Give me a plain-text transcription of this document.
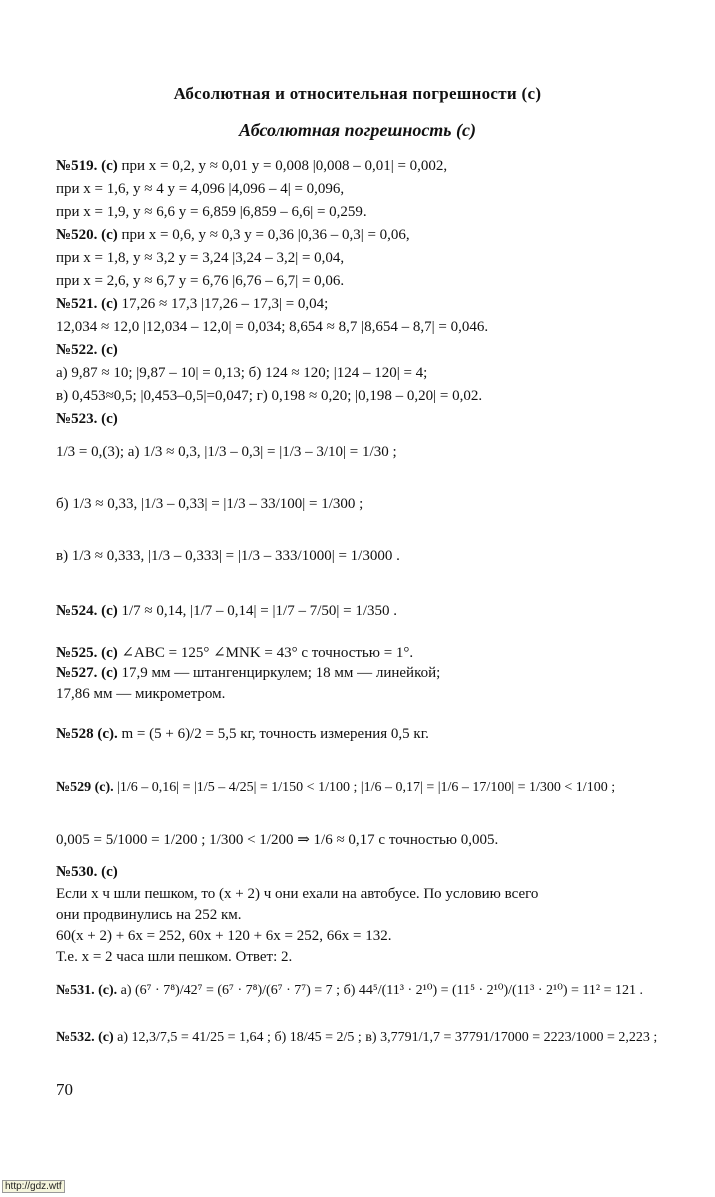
Абсолютная и относительная погрешности (с)
Абсолютная погрешность (с)
№519. (с) при x = 0,2, y ≈ 0,01 y = 0,008 |0,008 – 0,01| = 0,002,
при x = 1,6, y ≈ 4 y = 4,096 |4,096 – 4| = 0,096,
при x = 1,9, y ≈ 6,6 y = 6,859 |6,859 – 6,6| = 0,259.
№520. (с) при x = 0,6, y ≈ 0,3 y = 0,36 |0,36 – 0,3| = 0,06,
при x = 1,8, y ≈ 3,2 y = 3,24 |3,24 – 3,2| = 0,04,
при x = 2,6, y ≈ 6,7 y = 6,76 |6,76 – 6,7| = 0,06.
№521. (с) 17,26 ≈ 17,3 |17,26 – 17,3| = 0,04;
12,034 ≈ 12,0 |12,034 – 12,0| = 0,034; 8,654 ≈ 8,7 |8,654 – 8,7| = 0,046.
№522. (с)
а) 9,87 ≈ 10; |9,87 – 10| = 0,13; б) 124 ≈ 120; |124 – 120| = 4;
в) 0,453≈0,5; |0,453–0,5|=0,047; г) 0,198 ≈ 0,20; |0,198 – 0,20| = 0,02.
№523. (с)
1/3 = 0,(3); а) 1/3 ≈ 0,3, |1/3 – 0,3| = |1/3 – 3/10| = 1/30 ;
б) 1/3 ≈ 0,33, |1/3 – 0,33| = |1/3 – 33/100| = 1/300 ;
в) 1/3 ≈ 0,333, |1/3 – 0,333| = |1/3 – 333/1000| = 1/3000 .
№524. (с) 1/7 ≈ 0,14, |1/7 – 0,14| = |1/7 – 7/50| = 1/350 .
№525. (с) ∠ABC = 125° ∠MNK = 43° с точностью = 1°.
№527. (с) 17,9 мм — штангенциркулем; 18 мм — линейкой;
17,86 мм — микрометром.
№528 (с). m = (5 + 6)/2 = 5,5 кг, точность измерения 0,5 кг.
№529 (с). |1/6 – 0,16| = |1/5 – 4/25| = 1/150 < 1/100 ; |1/6 – 0,17| = |1/6 – 17/100| = 1/300 < 1/100 ;
0,005 = 5/1000 = 1/200 ; 1/300 < 1/200 ⇒ 1/6 ≈ 0,17 с точностью 0,005.
№530. (с)
Если x ч шли пешком, то (x + 2) ч они ехали на автобусе. По условию всего
они продвинулись на 252 км.
60(x + 2) + 6x = 252, 60x + 120 + 6x = 252, 66x = 132.
Т.е. x = 2 часа шли пешком. Ответ: 2.
№531. (с). а) (6⁷ · 7⁸)/42⁷ = (6⁷ · 7⁸)/(6⁷ · 7⁷) = 7 ; б) 44⁵/(11³ · 2¹⁰) = (11⁵ · 2¹⁰)/(11³ · 2¹⁰) = 11² = 121 .
№532. (с) а) 12,3/7,5 = 41/25 = 1,64 ; б) 18/45 = 2/5 ; в) 3,7791/1,7 = 37791/17000 = 2223/1000 = 2,223 ;
70
http://gdz.wtf
